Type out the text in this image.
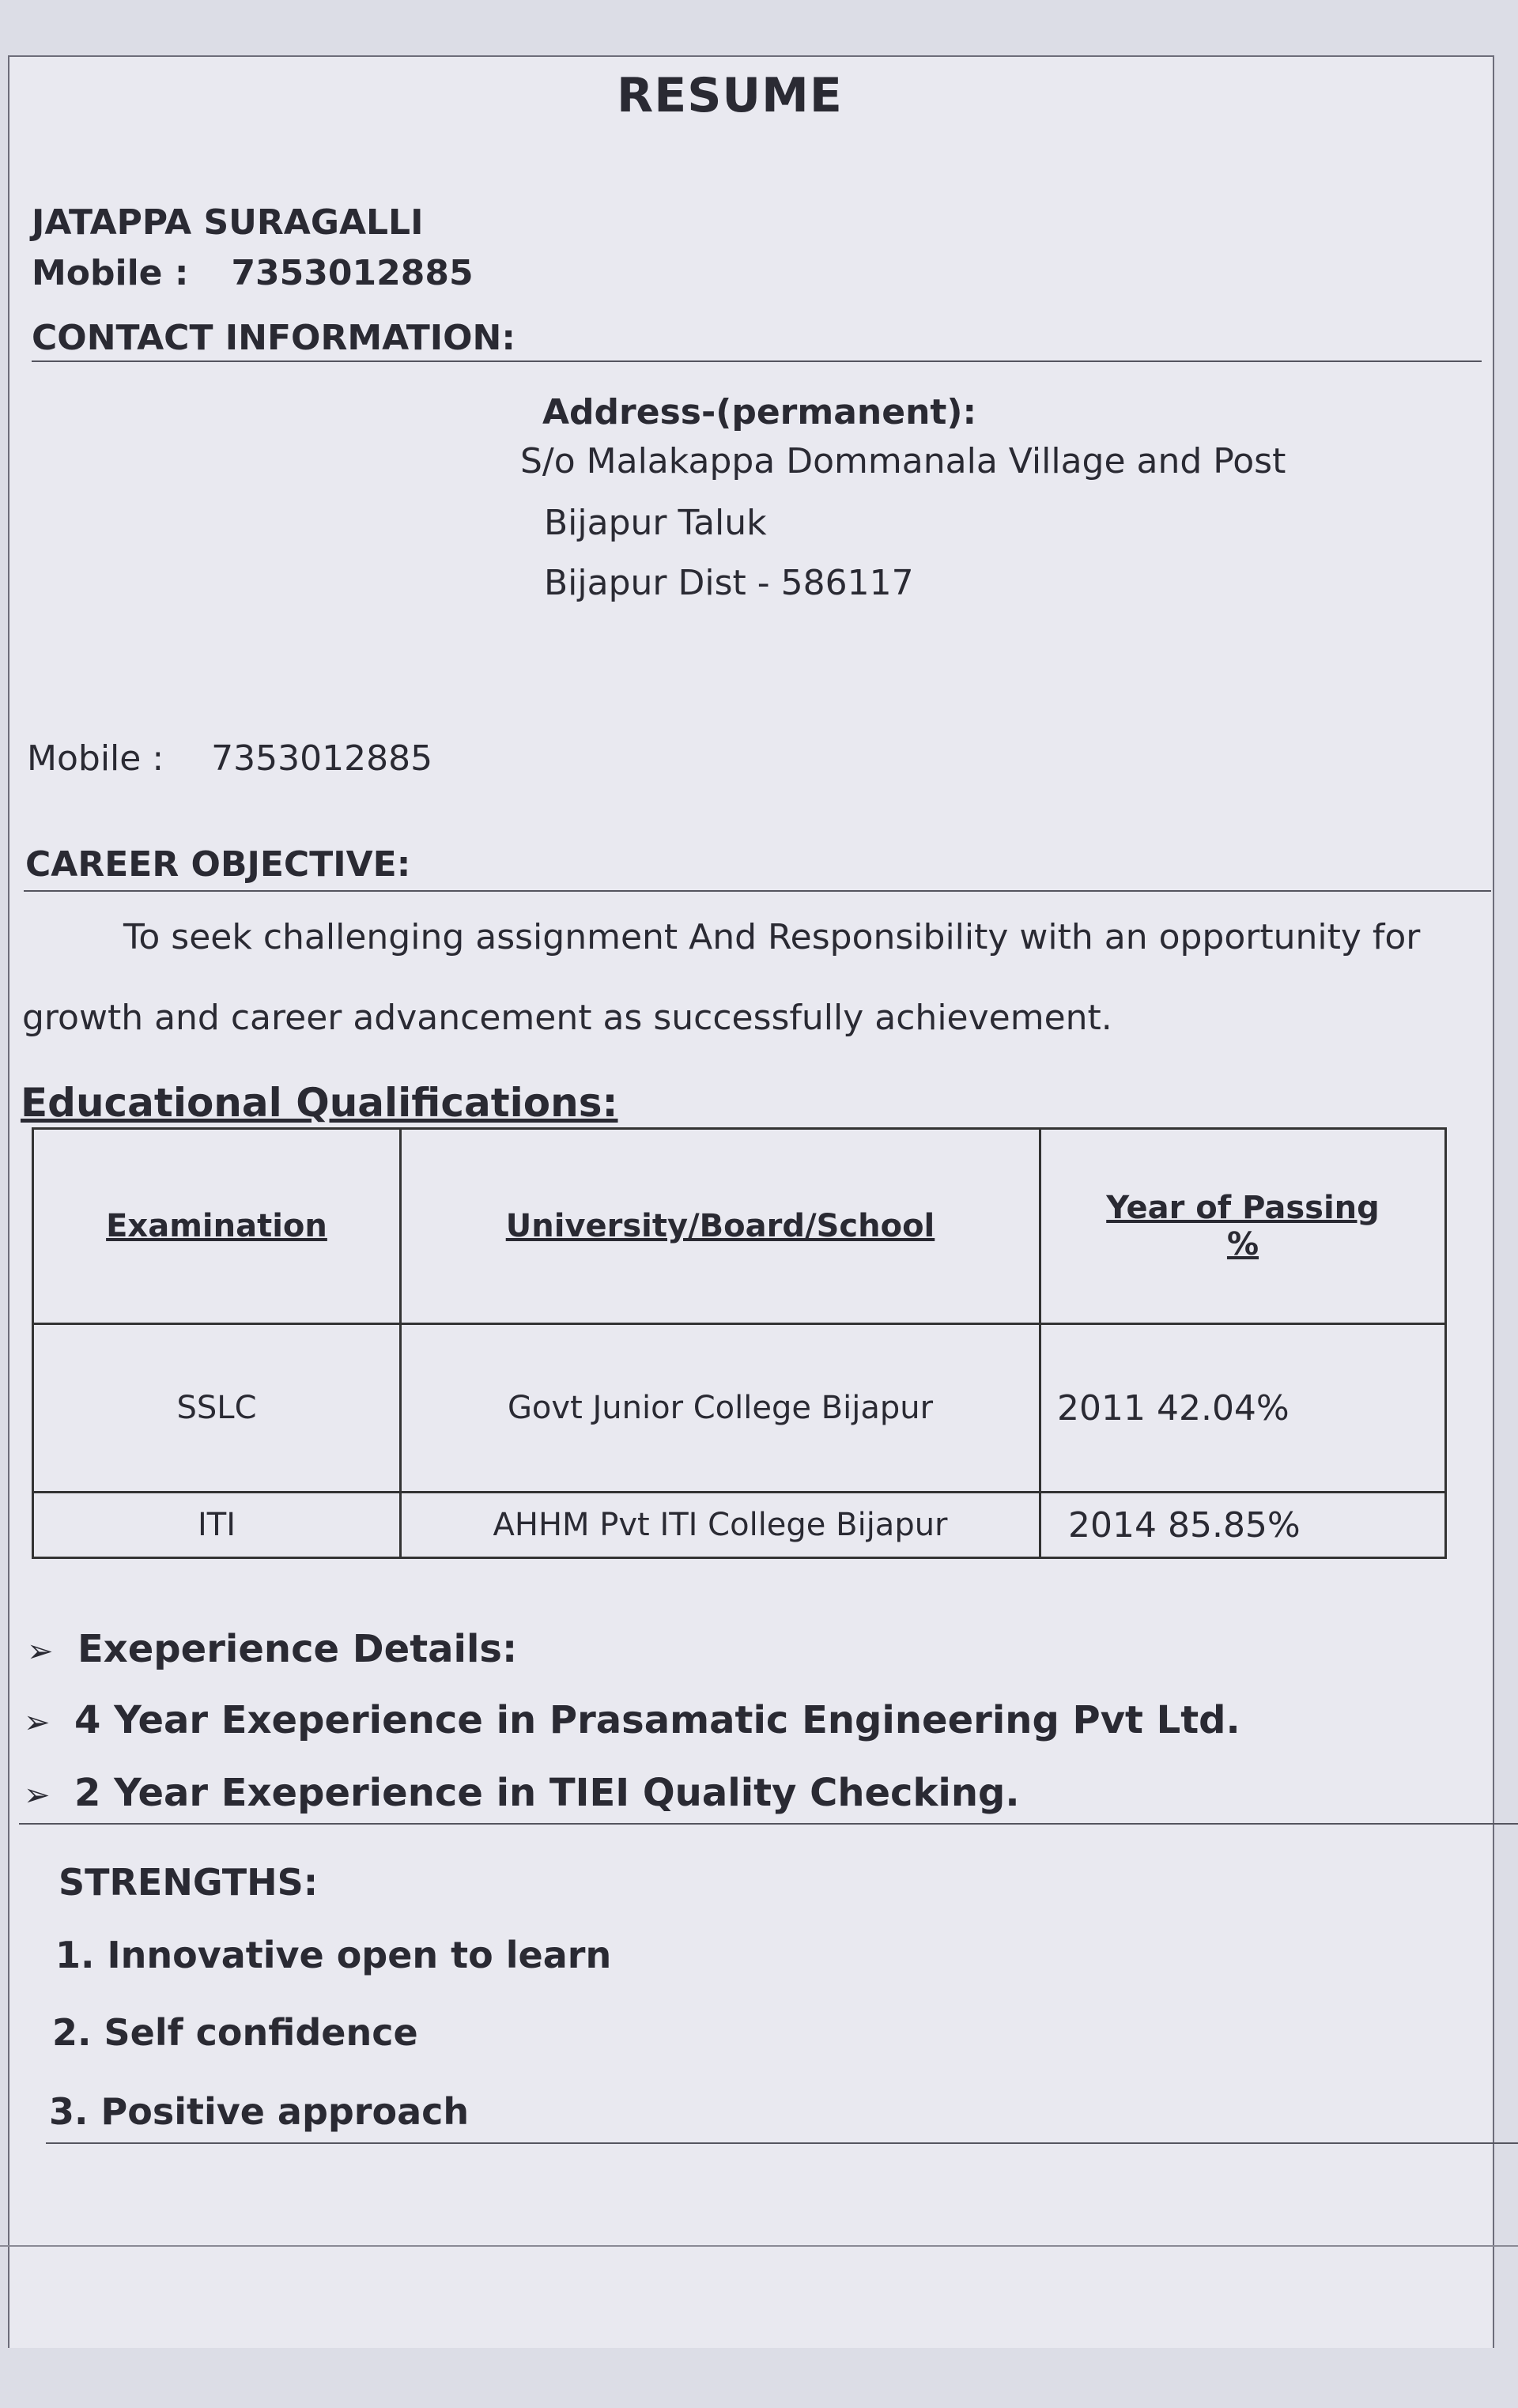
RESUME
JATAPPA SURAGALLI
Mobile : 7353012885
CONTACT INFORMATION:
Address-(permanent):
S/o Malakappa Dommanala Village and Post
Bijapur Taluk
Bijapur Dist - 586117
Mobile : 7353012885
CAREER OBJECTIVE:
To seek challenging assignment And Responsibility with an opportunity for
growth and career advancement as successfully achievement.
Educational Qualifications:
Examination	University/Board/School	Year of Passing
%
SSLC	Govt Junior College Bijapur	2011 42.04%
ITI	AHHM Pvt ITI College Bijapur	2014 85.85%
➢ Exeperience Details:
➢ 4 Year Exeperience in Prasamatic Engineering Pvt Ltd.
➢ 2 Year Exeperience in TIEI Quality Checking.
STRENGTHS:
1. Innovative open to learn
2. Self confidence
3. Positive approach
